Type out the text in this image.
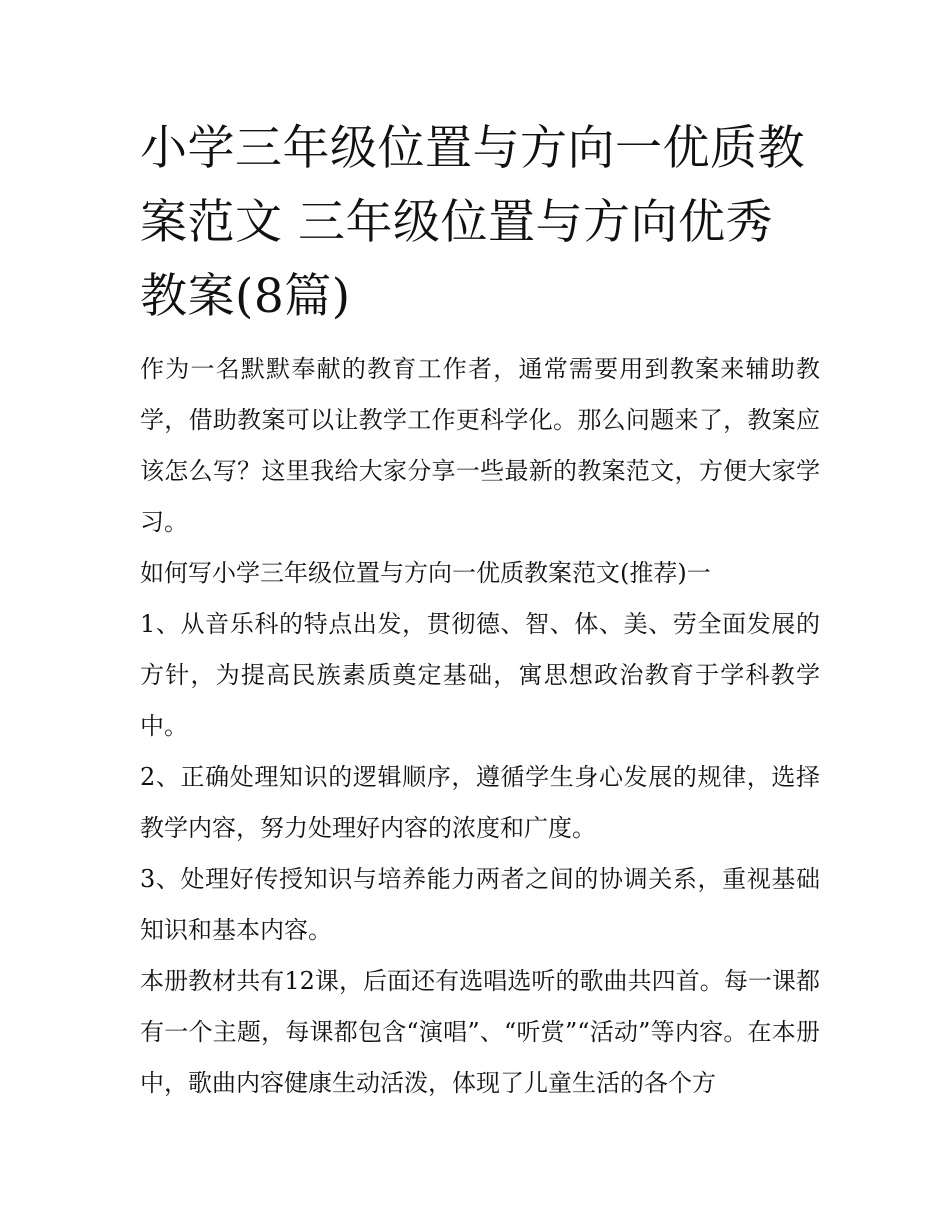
小学三年级位置与方向一优质教案范文 三年级位置与方向优秀教案(8篇)

作为一名默默奉献的教育工作者，通常需要用到教案来辅助教学，借助教案可以让教学工作更科学化。那么问题来了，教案应该怎么写？这里我给大家分享一些最新的教案范文，方便大家学习。

如何写小学三年级位置与方向一优质教案范文(推荐)一

1、从音乐科的特点出发，贯彻德、智、体、美、劳全面发展的方针，为提高民族素质奠定基础，寓思想政治教育于学科教学中。

2、正确处理知识的逻辑顺序，遵循学生身心发展的规律，选择教学内容，努力处理好内容的浓度和广度。

3、处理好传授知识与培养能力两者之间的协调关系，重视基础知识和基本内容。

本册教材共有12课，后面还有选唱选听的歌曲共四首。每一课都有一个主题，每课都包含“演唱”、“听赏”“活动”等内容。在本册中，歌曲内容健康生动活泼，体现了儿童生活的各个方
